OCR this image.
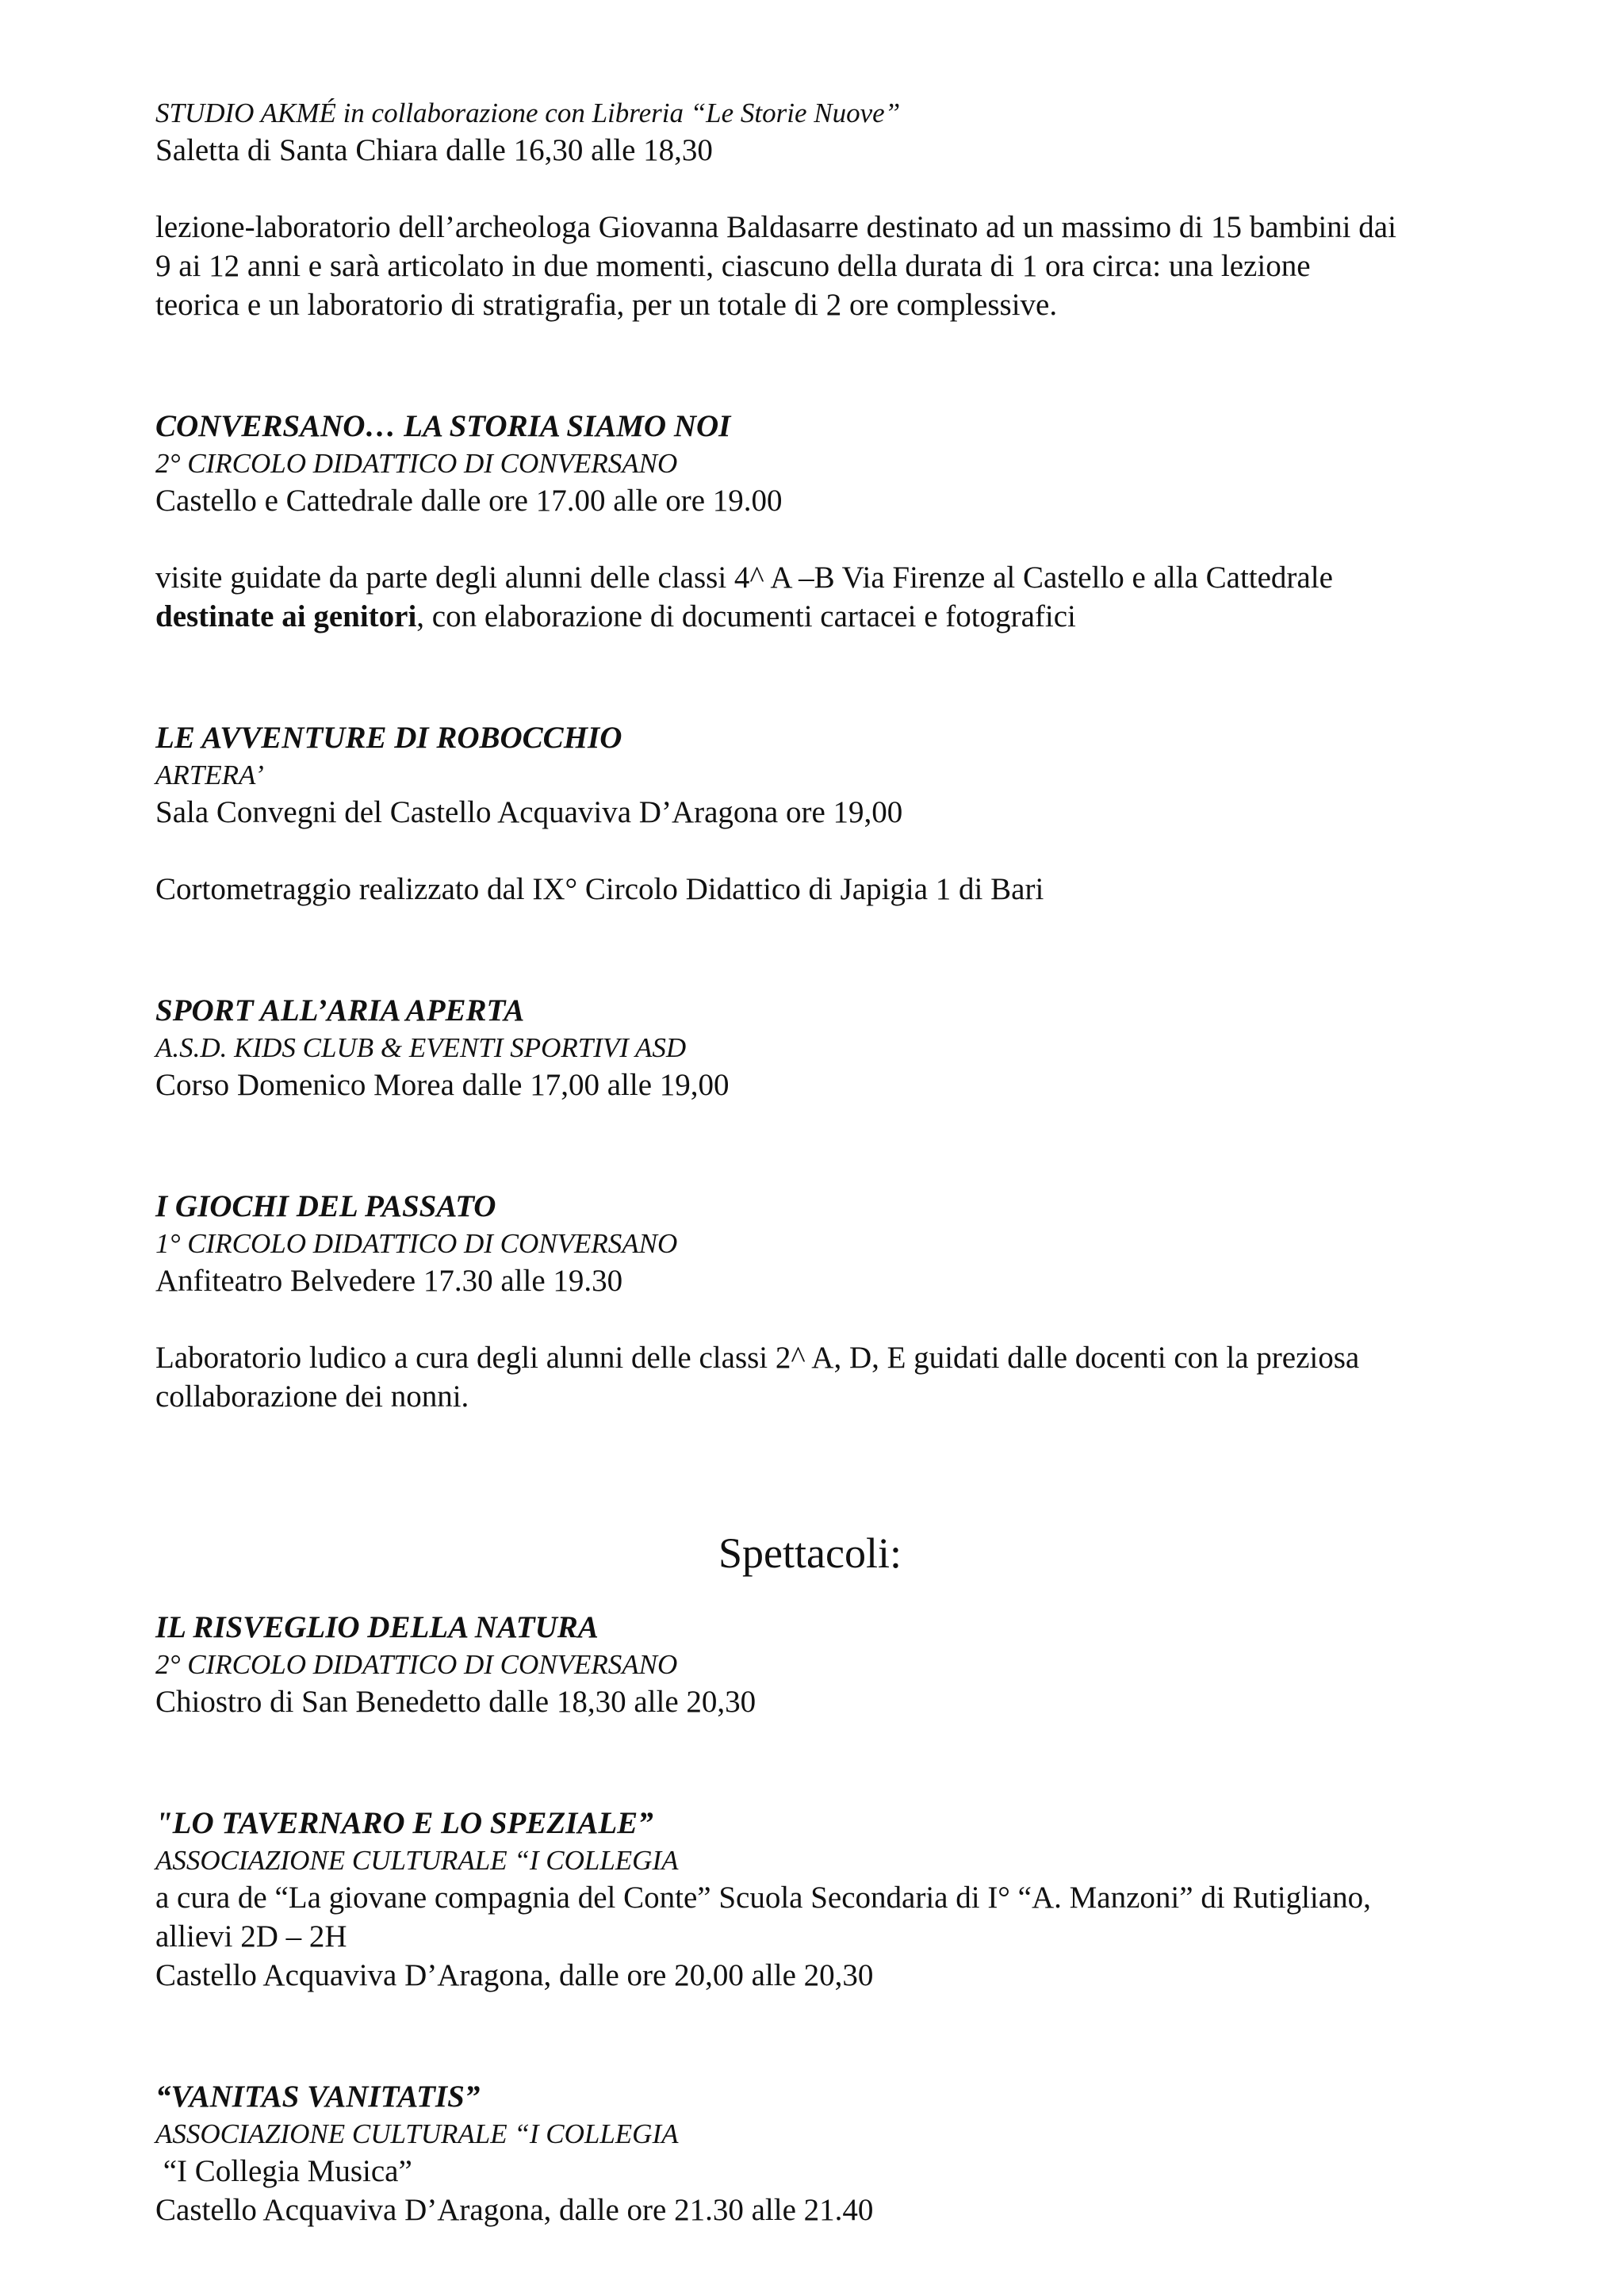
STUDIO AKMÉ in collaborazione con Libreria “Le Storie Nuove”
Saletta di Santa Chiara dalle 16,30 alle 18,30
lezione-laboratorio dell’archeologa Giovanna Baldasarre destinato ad un massimo di 15 bambini dai
9 ai 12 anni e sarà articolato in due momenti, ciascuno della durata di 1 ora circa: una lezione
teorica e un laboratorio di stratigrafia, per un totale di 2 ore complessive.
CONVERSANO… LA STORIA SIAMO NOI
2° CIRCOLO DIDATTICO DI CONVERSANO
Castello e Cattedrale dalle ore 17.00 alle ore 19.00
visite guidate da parte degli alunni delle classi 4^ A –B Via Firenze al Castello e alla Cattedrale
destinate ai genitori, con elaborazione di documenti cartacei e fotografici
LE AVVENTURE DI ROBOCCHIO
ARTERA’
Sala Convegni del Castello Acquaviva D’Aragona ore 19,00
Cortometraggio realizzato dal IX° Circolo Didattico di Japigia 1 di Bari
SPORT ALL’ARIA APERTA
A.S.D. KIDS CLUB & EVENTI SPORTIVI ASD
Corso Domenico Morea dalle 17,00 alle 19,00
I GIOCHI DEL PASSATO
1° CIRCOLO DIDATTICO DI CONVERSANO
Anfiteatro Belvedere 17.30 alle 19.30
Laboratorio ludico a cura degli alunni delle classi 2^ A, D, E guidati dalle docenti con la preziosa
collaborazione dei nonni.
Spettacoli:
IL RISVEGLIO DELLA NATURA
2° CIRCOLO DIDATTICO DI CONVERSANO
Chiostro di San Benedetto dalle 18,30 alle 20,30
"LO TAVERNARO E LO SPEZIALE”
ASSOCIAZIONE CULTURALE “I COLLEGIA
a cura de “La giovane compagnia del Conte” Scuola Secondaria di I° “A. Manzoni” di Rutigliano,
allievi 2D – 2H
Castello Acquaviva D’Aragona, dalle ore 20,00 alle 20,30
“VANITAS VANITATIS”
ASSOCIAZIONE CULTURALE “I COLLEGIA
“I Collegia Musica”
Castello Acquaviva D’Aragona, dalle ore 21.30 alle 21.40
